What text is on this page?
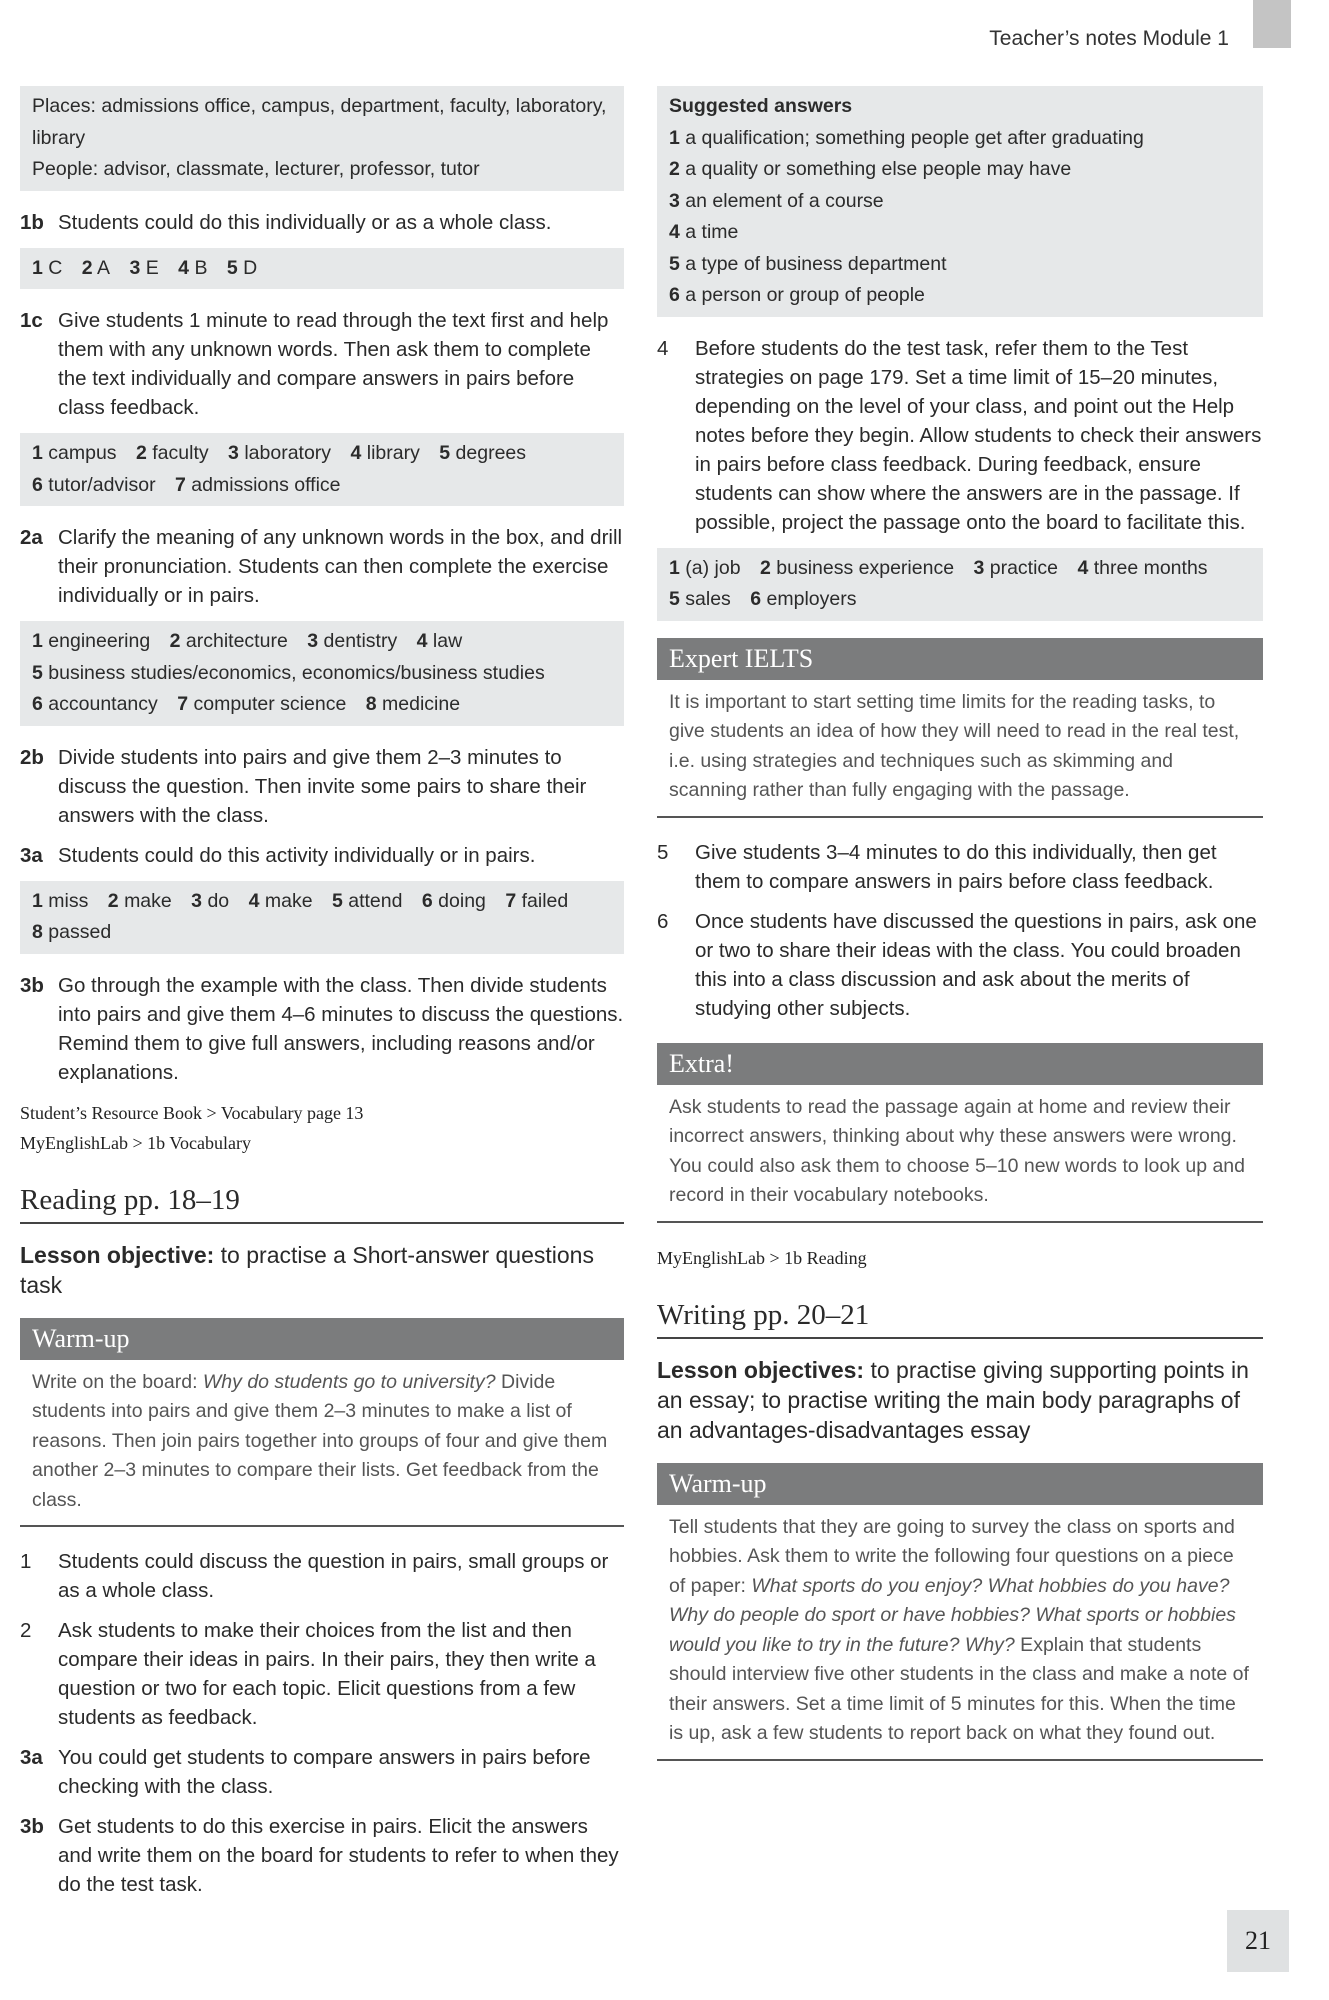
Teacher’s notes Module 1
Places: admissions office, campus, department, faculty, laboratory, library
People: advisor, classmate, lecturer, professor, tutor
1b Students could do this individually or as a whole class.
1 C 2 A 3 E 4 B 5 D
1c Give students 1 minute to read through the text first and help them with any unknown words. Then ask them to complete the text individually and compare answers in pairs before class feedback.
1 campus 2 faculty 3 laboratory 4 library 5 degrees
6 tutor/advisor 7 admissions office
2a Clarify the meaning of any unknown words in the box, and drill their pronunciation. Students can then complete the exercise individually or in pairs.
1 engineering 2 architecture 3 dentistry 4 law
5 business studies/economics, economics/business studies
6 accountancy 7 computer science 8 medicine
2b Divide students into pairs and give them 2–3 minutes to discuss the question. Then invite some pairs to share their answers with the class.
3a Students could do this activity individually or in pairs.
1 miss 2 make 3 do 4 make 5 attend 6 doing 7 failed
8 passed
3b Go through the example with the class. Then divide students into pairs and give them 4–6 minutes to discuss the questions. Remind them to give full answers, including reasons and/or explanations.

Student’s Resource Book > Vocabulary page 13

MyEnglishLab > 1b Vocabulary

Reading pp. 18–19
Lesson objective: to practise a Short-answer questions task
Warm-up
Write on the board: Why do students go to university? Divide students into pairs and give them 2–3 minutes to make a list of reasons. Then join pairs together into groups of four and give them another 2–3 minutes to compare their lists. Get feedback from the class.
1	Students could discuss the question in pairs, small groups or as a whole class.
2	Ask students to make their choices from the list and then compare their ideas in pairs. In their pairs, they then write a question or two for each topic. Elicit questions from a few students as feedback.
3a You could get students to compare answers in pairs before checking with the class.
3b Get students to do this exercise in pairs. Elicit the answers and write them on the board for students to refer to when they do the test task.
Suggested answers
1 a qualification; something people get after graduating
2 a quality or something else people may have
3 an element of a course
4 a time
5 a type of business department
6 a person or group of people
4	Before students do the test task, refer them to the Test strategies on page 179. Set a time limit of 15–20 minutes, depending on the level of your class, and point out the Help notes before they begin. Allow students to check their answers in pairs before class feedback. During feedback, ensure students can show where the answers are in the passage. If possible, project the passage onto the board to facilitate this.
1 (a) job 2 business experience 3 practice 4 three months
5 sales 6 employers
Expert IELTS
It is important to start setting time limits for the reading tasks, to give students an idea of how they will need to read in the real test, i.e. using strategies and techniques such as skimming and scanning rather than fully engaging with the passage.
5	Give students 3–4 minutes to do this individually, then get them to compare answers in pairs before class feedback.
6	Once students have discussed the questions in pairs, ask one or two to share their ideas with the class. You could broaden this into a class discussion and ask about the merits of studying other subjects.
Extra!
Ask students to read the passage again at home and review their incorrect answers, thinking about why these answers were wrong. You could also ask them to choose 5–10 new words to look up and record in their vocabulary notebooks.

MyEnglishLab > 1b Reading

Writing pp. 20–21
Lesson objectives: to practise giving supporting points in an essay; to practise writing the main body paragraphs of an advantages-disadvantages essay
Warm-up
Tell students that they are going to survey the class on sports and hobbies. Ask them to write the following four questions on a piece of paper: What sports do you enjoy? What hobbies do you have? Why do people do sport or have hobbies? What sports or hobbies would you like to try in the future? Why? Explain that students should interview five other students in the class and make a note of their answers. Set a time limit of 5 minutes for this. When the time is up, ask a few students to report back on what they found out.
21
